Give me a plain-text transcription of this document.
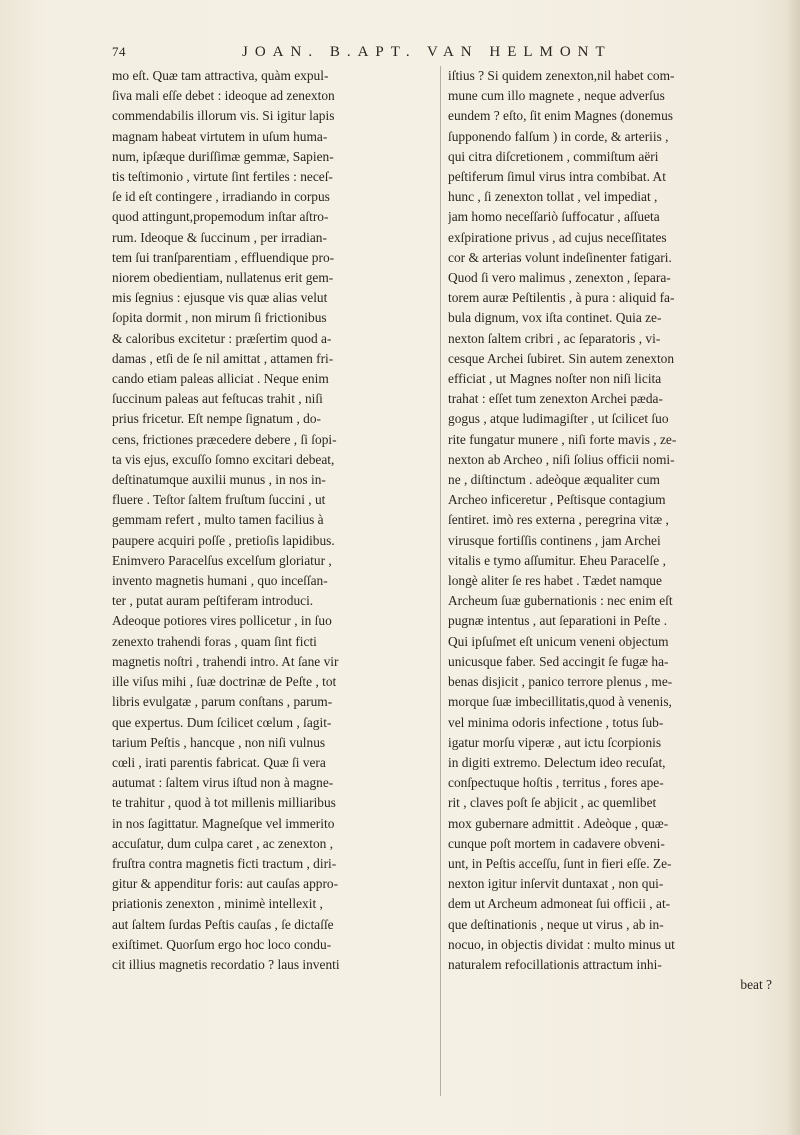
74	JOAN. B.APT. VAN HELMONT
mo eſt. Quæ tam attractiva, quàm expul-
ſiva mali eſſe debet : ideoque ad zenexton
commendabilis illorum vis. Si igitur lapis
magnam habeat virtutem in uſum huma-
num, ipſæque duriſſimæ gemmæ, Sapien-
tis teſtimonio , virtute ſint fertiles : neceſ-
ſe id eſt contingere , irradiando in corpus
quod attingunt,propemodum inſtar aſtro-
rum. Ideoque & ſuccinum , per irradian-
tem ſui tranſparentiam , effluendique pro-
niorem obedientiam, nullatenus erit gem-
mis ſegnius : ejusque vis quæ alias velut
ſopita dormit , non mirum ſi frictionibus
& caloribus excitetur : præſertim quod a-
damas , etſi de ſe nil amittat , attamen fri-
cando etiam paleas alliciat . Neque enim
ſuccinum paleas aut feſtucas trahit , niſi
prius fricetur. Eſt nempe ſignatum , do-
cens, frictiones præcedere debere , ſi ſopi-
ta vis ejus, excuſſo ſomno excitari debeat,
deſtinatumque auxilii munus , in nos in-
fluere . Teſtor ſaltem fruſtum ſuccini , ut
gemmam refert , multo tamen facilius à
paupere acquiri poſſe , pretioſis lapidibus.
Enimvero Paracelſus excelſum gloriatur ,
invento magnetis humani , quo inceſſan-
ter , putat auram peſtiferam introduci.
Adeoque potiores vires pollicetur , in ſuo
zenexto trahendi foras , quam ſint ficti
magnetis noſtri , trahendi intro. At ſane vir
ille viſus mihi , ſuæ doctrinæ de Peſte , tot
libris evulgatæ , parum conſtans , parum-
que expertus. Dum ſcilicet cœlum , ſagit-
tarium Peſtis , hancque , non niſi vulnus
cœli , irati parentis fabricat. Quæ ſi vera
autumat : ſaltem virus iſtud non à magne-
te trahitur , quod à tot millenis milliaribus
in nos ſagittatur. Magneſque vel immerito
accuſatur, dum culpa caret , ac zenexton ,
fruſtra contra magnetis ficti tractum , diri-
gitur & appenditur foris: aut cauſas appro-
priationis zenexton , minimè intellexit ,
aut ſaltem ſurdas Peſtis cauſas , ſe dictaſſe
exiſtimet. Quorſum ergo hoc loco condu-
cit illius magnetis recordatio ? laus inventi
iſtius ? Si quidem zenexton,nil habet com-
mune cum illo magnete , neque adverſus
eundem ? eſto, ſit enim Magnes (donemus
ſupponendo falſum ) in corde, & arteriis ,
qui citra diſcretionem , commiſtum aëri
peſtiferum ſimul virus intra combibat. At
hunc , ſi zenexton tollat , vel impediat ,
jam homo neceſſariò ſuffocatur , aſſueta
exſpiratione privus , ad cujus neceſſitates
cor & arterias volunt indeſinenter fatigari.
Quod ſi vero malimus , zenexton , ſepara-
torem auræ Peſtilentis , à pura : aliquid fa-
bula dignum, vox iſta continet. Quia ze-
nexton ſaltem cribri , ac ſeparatoris , vi-
cesque Archei ſubiret. Sin autem zenexton
efficiat , ut Magnes noſter non niſi licita
trahat : eſſet tum zenexton Archei pæda-
gogus , atque ludimagiſter , ut ſcilicet ſuo
rite fungatur munere , niſi forte mavis , ze-
nexton ab Archeo , niſi ſolius officii nomi-
ne , diſtinctum . adeòque æqualiter cum
Archeo inficeretur , Peſtisque contagium
ſentiret. imò res externa , peregrina vitæ ,
virusque fortiſſis continens , jam Archei
vitalis e tymo aſſumitur. Eheu Paracelſe ,
longè aliter ſe res habet . Tædet namque
Archeum ſuæ gubernationis : nec enim eſt
pugnæ intentus , aut ſeparationi in Peſte .
Qui ipſuſmet eſt unicum veneni objectum
unicusque faber. Sed accingit ſe fugæ ha-
benas disjicit , panico terrore plenus , me-
morque ſuæ imbecillitatis,quod à venenis,
vel minima odoris infectione , totus ſub-
igatur morſu viperæ , aut ictu ſcorpionis
in digiti extremo. Delectum ideo recuſat,
conſpectuque hoſtis , territus , fores ape-
rit , claves poſt ſe abjicit , ac quemlibet
mox gubernare admittit . Adeòque , quæ-
cunque poſt mortem in cadavere obveni-
unt, in Peſtis acceſſu, ſunt in fieri eſſe. Ze-
nexton igitur inſervit duntaxat , non qui-
dem ut Archeum admoneat ſui officii , at-
que deſtinationis , neque ut virus , ab in-
nocuo, in objectis dividat : multo minus ut
naturalem refocillationis attractum inhi-
beat ?
